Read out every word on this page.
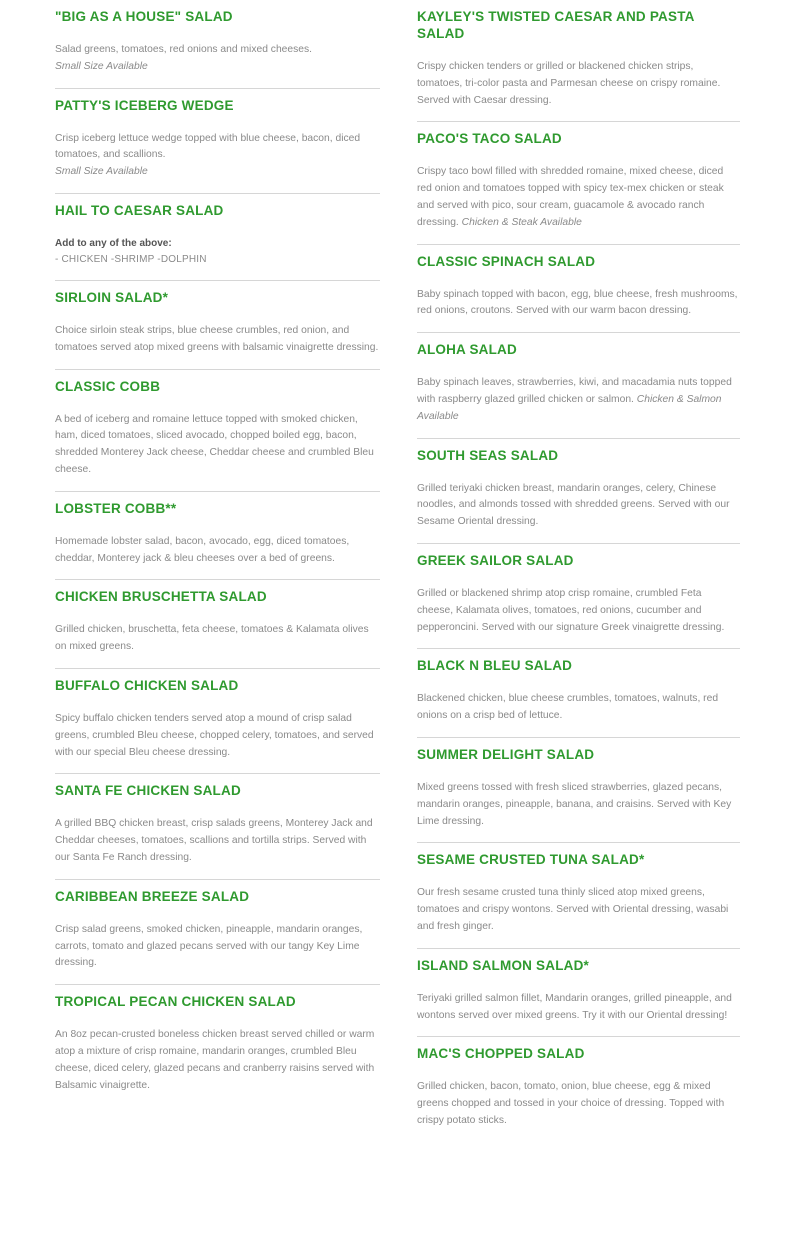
"BIG AS A HOUSE" SALAD

Salad greens, tomatoes, red onions and mixed cheeses.

Small Size Available
PATTY'S ICEBERG WEDGE

Crisp iceberg lettuce wedge topped with blue cheese, bacon, diced tomatoes, and scallions.

Small Size Available
HAIL TO CAESAR SALAD
Add to any of the above:
- CHICKEN -SHRIMP -DOLPHIN
SIRLOIN SALAD*

Choice sirloin steak strips, blue cheese crumbles, red onion, and tomatoes served atop mixed greens with balsamic vinaigrette dressing.

CLASSIC COBB

A bed of iceberg and romaine lettuce topped with smoked chicken, ham, diced tomatoes, sliced avocado, chopped boiled egg, bacon, shredded Monterey Jack cheese, Cheddar cheese and crumbled Bleu cheese.

LOBSTER COBB**

Homemade lobster salad, bacon, avocado, egg, diced tomatoes, cheddar, Monterey jack & bleu cheeses over a bed of greens.

CHICKEN BRUSCHETTA SALAD

Grilled chicken, bruschetta, feta cheese, tomatoes & Kalamata olives on mixed greens.

BUFFALO CHICKEN SALAD

Spicy buffalo chicken tenders served atop a mound of crisp salad greens, crumbled Bleu cheese, chopped celery, tomatoes, and served with our special Bleu cheese dressing.

SANTA FE CHICKEN SALAD

A grilled BBQ chicken breast, crisp salads greens, Monterey Jack and Cheddar cheeses, tomatoes, scallions and tortilla strips. Served with our Santa Fe Ranch dressing.

CARIBBEAN BREEZE SALAD

Crisp salad greens, smoked chicken, pineapple, mandarin oranges, carrots, tomato and glazed pecans served with our tangy Key Lime dressing.

TROPICAL PECAN CHICKEN SALAD

An 8oz pecan-crusted boneless chicken breast served chilled or warm atop a mixture of crisp romaine, mandarin oranges, crumbled Bleu cheese, diced celery, glazed pecans and cranberry raisins served with Balsamic vinaigrette.

KAYLEY'S TWISTED CAESAR AND PASTA SALAD

Crispy chicken tenders or grilled or blackened chicken strips, tomatoes, tri-color pasta and Parmesan cheese on crispy romaine. Served with Caesar dressing.

PACO'S TACO SALAD

Crispy taco bowl filled with shredded romaine, mixed cheese, diced red onion and tomatoes topped with spicy tex-mex chicken or steak and served with pico, sour cream, guacamole & avocado ranch dressing. Chicken & Steak Available

CLASSIC SPINACH SALAD

Baby spinach topped with bacon, egg, blue cheese, fresh mushrooms, red onions, croutons. Served with our warm bacon dressing.

ALOHA SALAD

Baby spinach leaves, strawberries, kiwi, and macadamia nuts topped with raspberry glazed grilled chicken or salmon. Chicken & Salmon Available

SOUTH SEAS SALAD

Grilled teriyaki chicken breast, mandarin oranges, celery, Chinese noodles, and almonds tossed with shredded greens. Served with our Sesame Oriental dressing.

GREEK SAILOR SALAD

Grilled or blackened shrimp atop crisp romaine, crumbled Feta cheese, Kalamata olives, tomatoes, red onions, cucumber and pepperoncini. Served with our signature Greek vinaigrette dressing.

BLACK N BLEU SALAD

Blackened chicken, blue cheese crumbles, tomatoes, walnuts, red onions on a crisp bed of lettuce.

SUMMER DELIGHT SALAD

Mixed greens tossed with fresh sliced strawberries, glazed pecans, mandarin oranges, pineapple, banana, and craisins. Served with Key Lime dressing.

SESAME CRUSTED TUNA SALAD*

Our fresh sesame crusted tuna thinly sliced atop mixed greens, tomatoes and crispy wontons. Served with Oriental dressing, wasabi and fresh ginger.

ISLAND SALMON SALAD*

Teriyaki grilled salmon fillet, Mandarin oranges, grilled pineapple, and wontons served over mixed greens. Try it with our Oriental dressing!

MAC'S CHOPPED SALAD

Grilled chicken, bacon, tomato, onion, blue cheese, egg & mixed greens chopped and tossed in your choice of dressing. Topped with crispy potato sticks.
